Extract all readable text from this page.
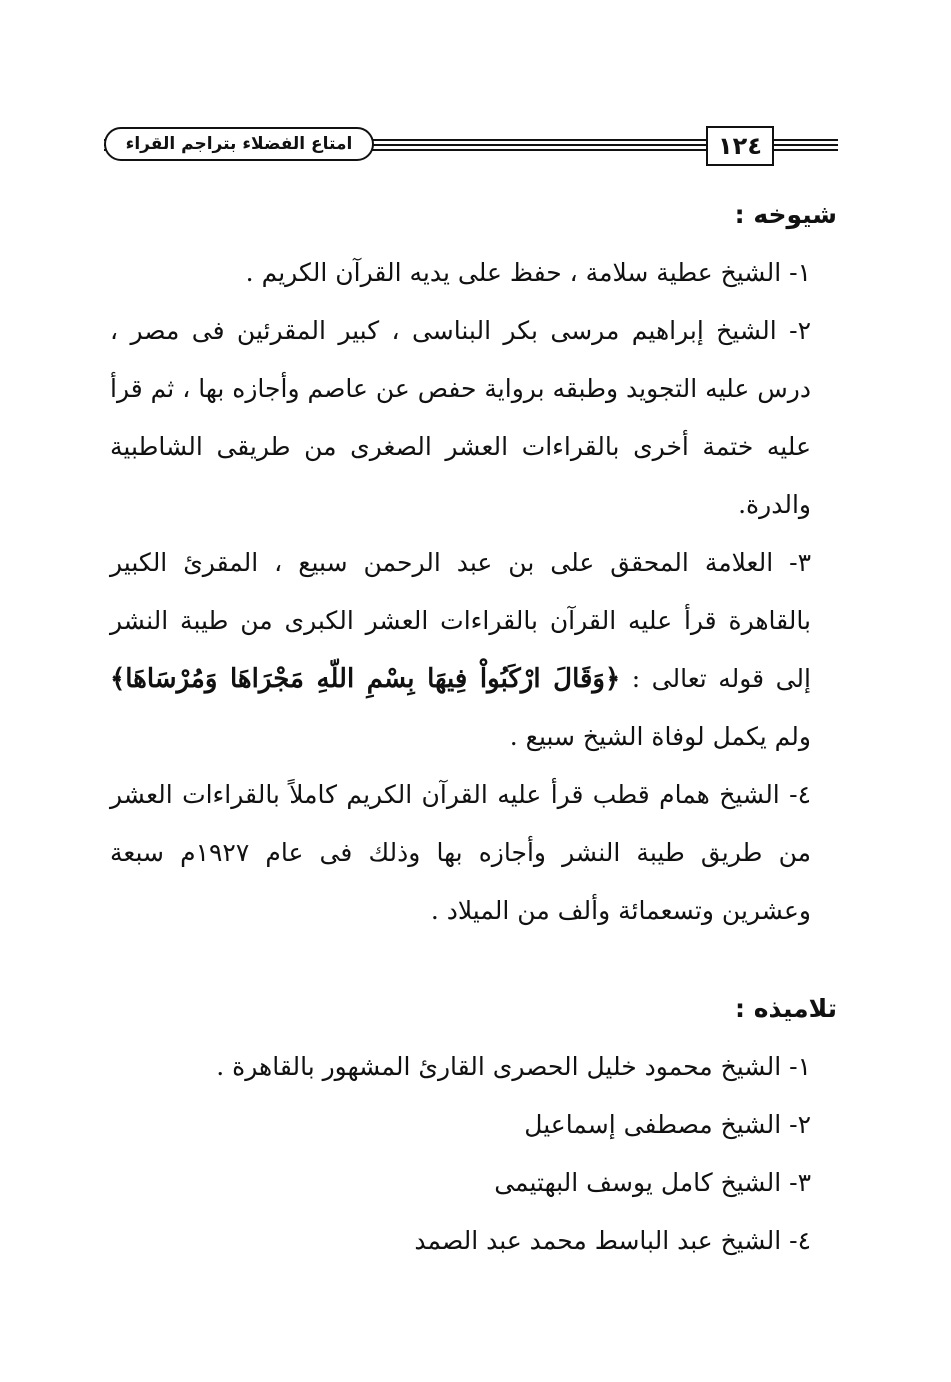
امتاع الفضلاء بتراجم القراء	١٢٤

شيوخه :

١- الشيخ عطية سلامة ، حفظ على يديه القرآن الكريم .

٢- الشيخ إبراهيم مرسى بكر البناسى ، كبير المقرئين فى مصر ، درس عليه التجويد وطبقه برواية حفص عن عاصم وأجازه بها ، ثم قرأ عليه ختمة أخرى بالقراءات العشر الصغرى من طريقى الشاطبية والدرة.

٣- العلامة المحقق على بن عبد الرحمن سبيع ، المقرئ الكبير بالقاهرة قرأ عليه القرآن بالقراءات العشر الكبرى من طيبة النشر إلى قوله تعالى : ﴿وَقَالَ ارْكَبُواْ فِيهَا بِسْمِ اللّهِ مَجْرَاهَا وَمُرْسَاهَا﴾ ولم يكمل لوفاة الشيخ سبيع .

٤- الشيخ همام قطب قرأ عليه القرآن الكريم كاملاً بالقراءات العشر من طريق طيبة النشر وأجازه بها وذلك فى عام ١٩٢٧م سبعة وعشرين وتسعمائة وألف من الميلاد .

تلاميذه :

١- الشيخ محمود خليل الحصرى القارئ المشهور بالقاهرة .

٢- الشيخ مصطفى إسماعيل

٣- الشيخ كامل يوسف البهتيمى

٤- الشيخ عبد الباسط محمد عبد الصمد
